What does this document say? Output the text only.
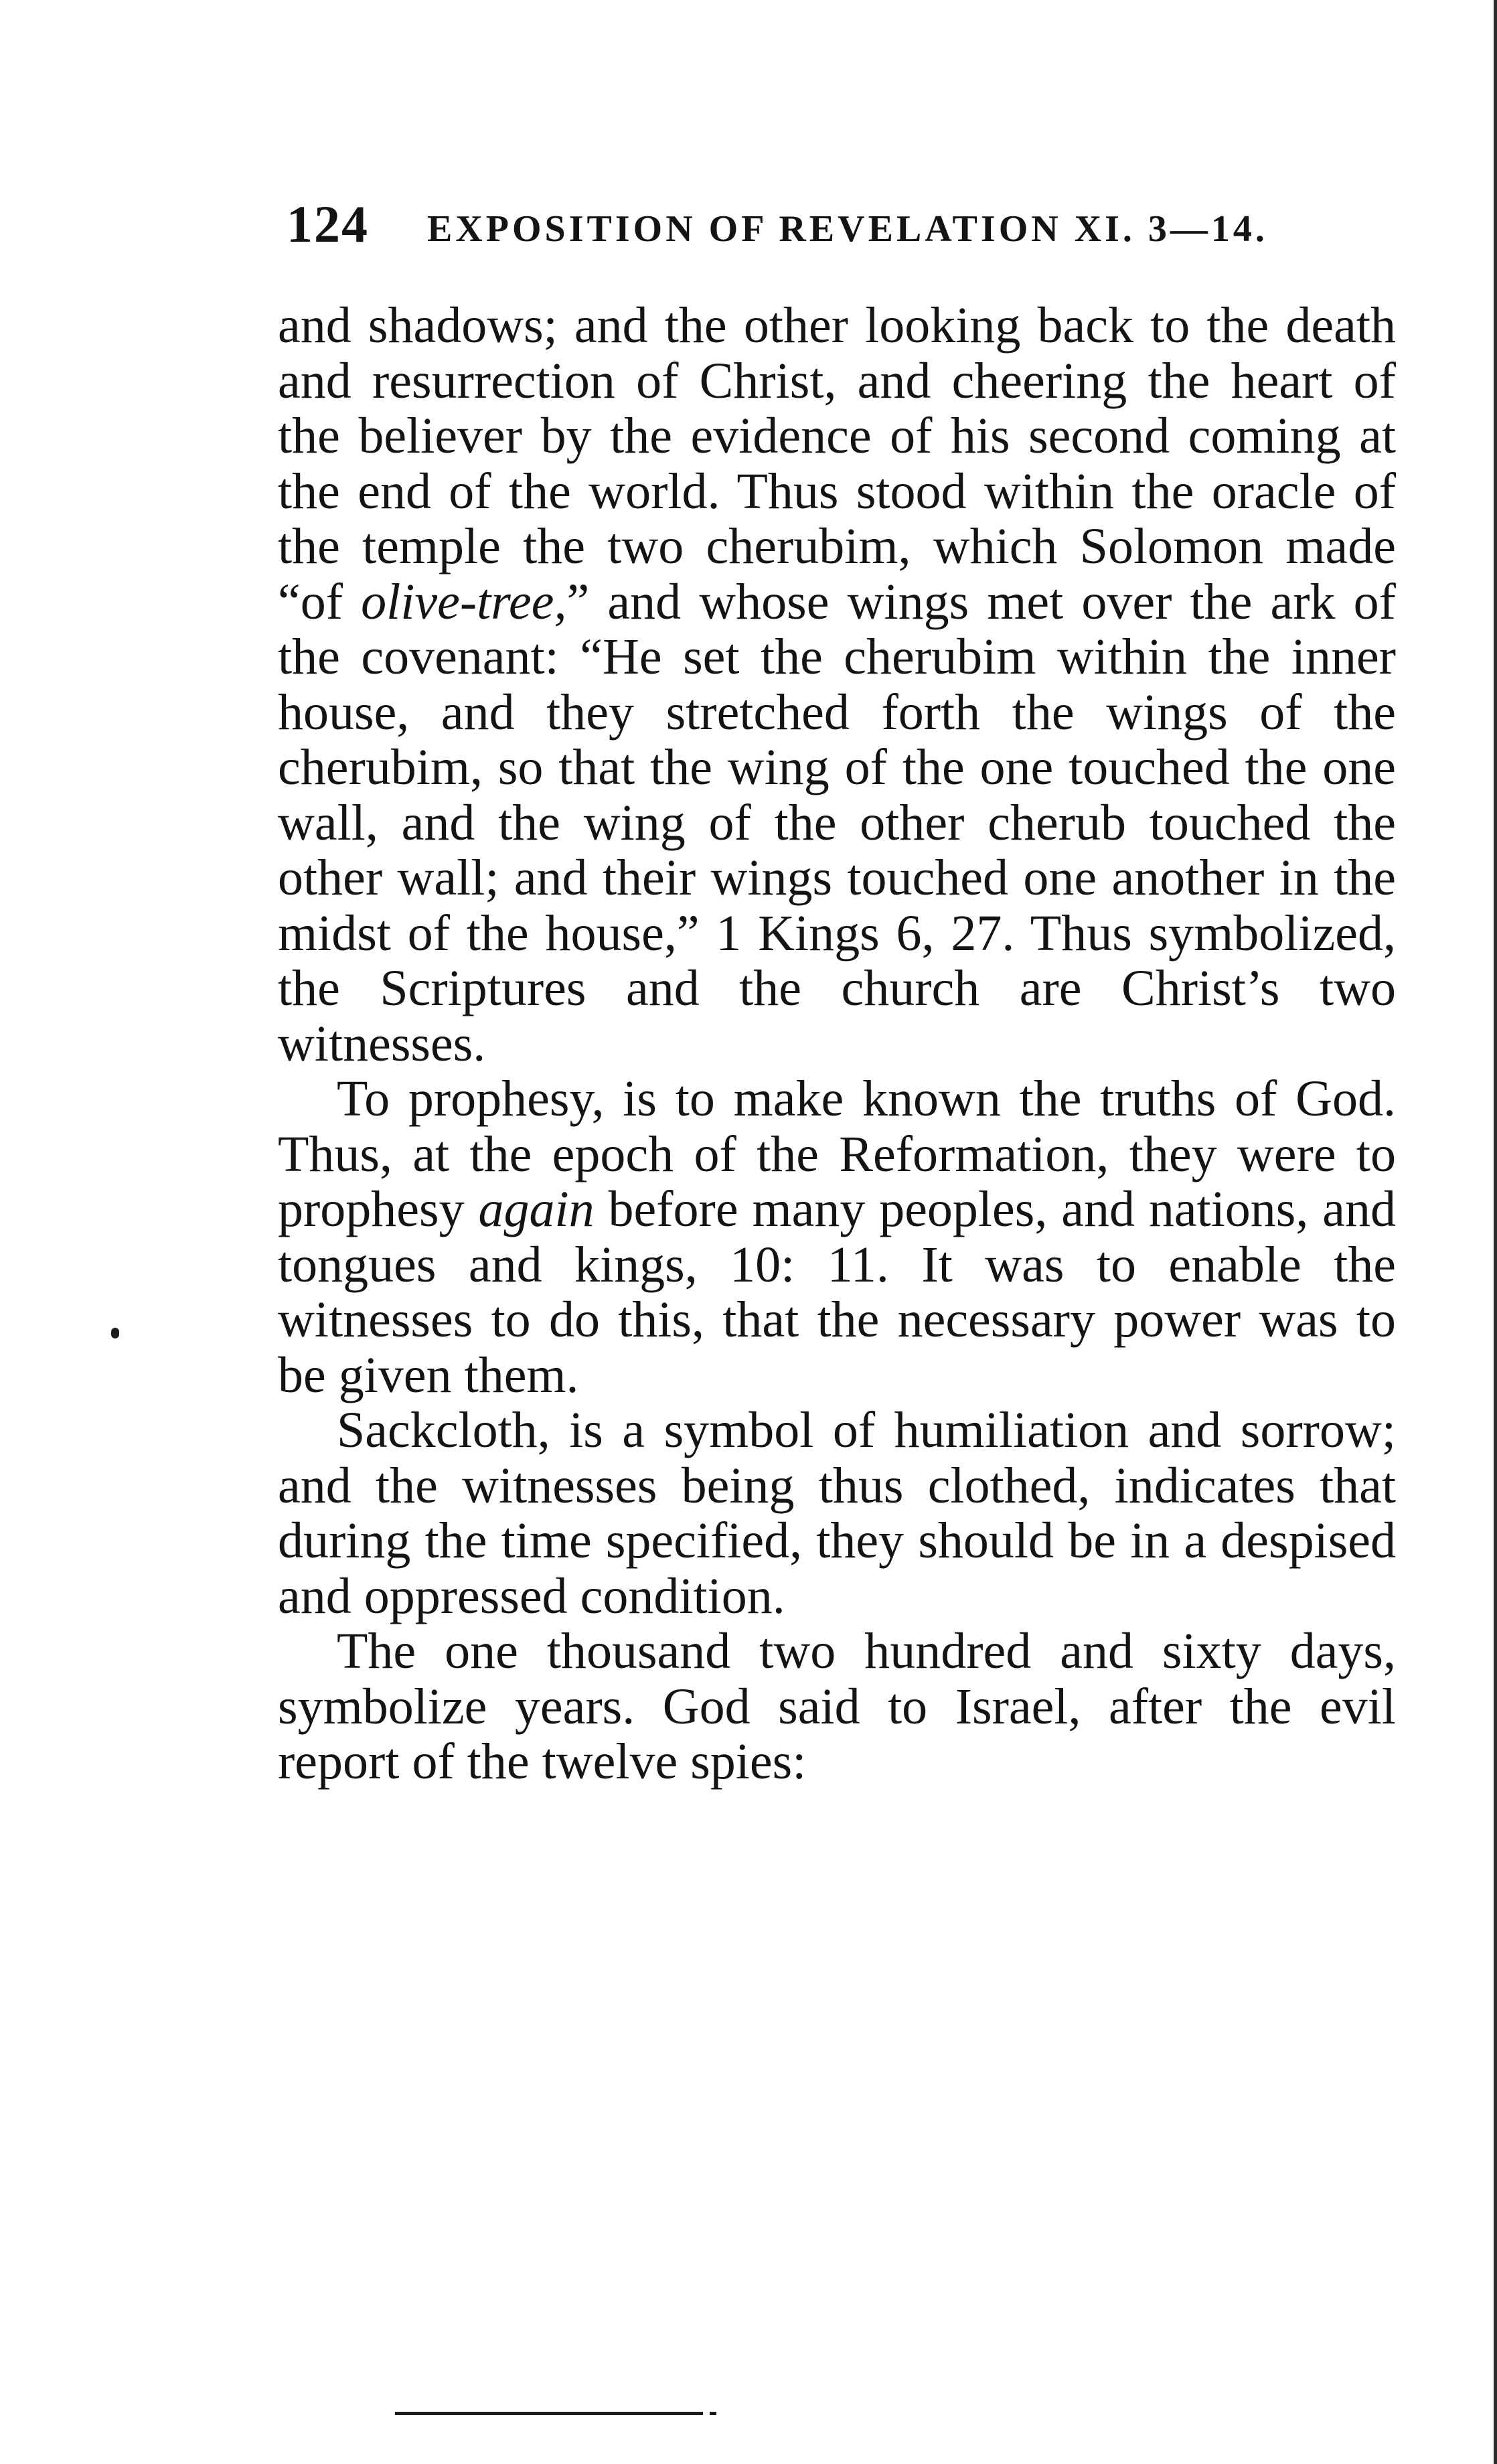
124 EXPOSITION OF REVELATION XI. 3—14.

and shadows; and the other looking back to the death and resurrection of Christ, and cheering the heart of the believer by the evidence of his second coming at the end of the world. Thus stood within the oracle of the temple the two cherubim, which Solomon made “of olive-tree,” and whose wings met over the ark of the covenant: “He set the cherubim within the inner house, and they stretched forth the wings of the cherubim, so that the wing of the one touched the one wall, and the wing of the other cherub touched the other wall; and their wings touched one another in the midst of the house,” 1 Kings 6, 27. Thus symbolized, the Scriptures and the church are Christ’s two witnesses.

To prophesy, is to make known the truths of God. Thus, at the epoch of the Reformation, they were to prophesy again before many peoples, and nations, and tongues and kings, 10: 11. It was to enable the witnesses to do this, that the necessary power was to be given them.

Sackcloth, is a symbol of humiliation and sorrow; and the witnesses being thus clothed, indicates that during the time specified, they should be in a despised and oppressed condition.

The one thousand two hundred and sixty days, symbolize years. God said to Israel, after the evil report of the twelve spies:
